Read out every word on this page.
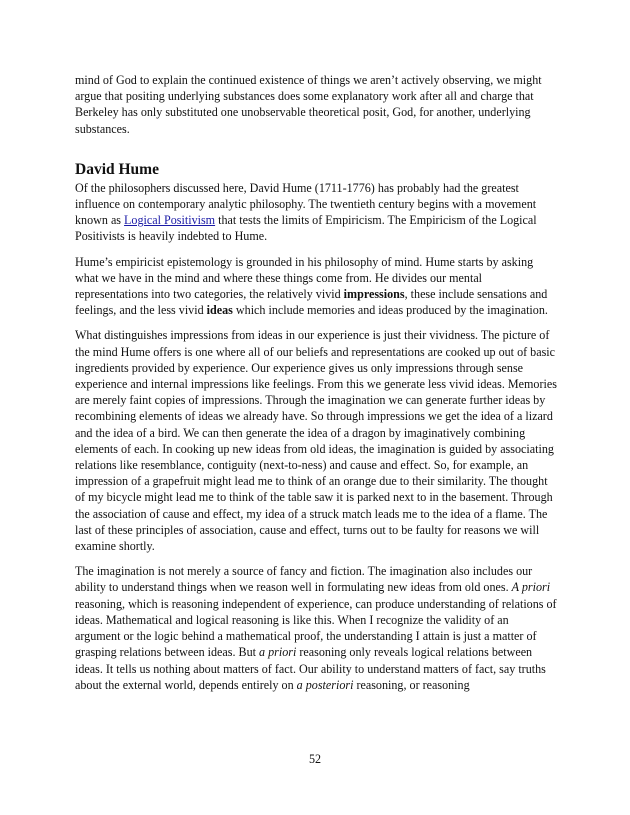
mind of God to explain the continued existence of things we aren’t actively observing, we might argue that positing underlying substances does some explanatory work after all and charge that Berkeley has only substituted one unobservable theoretical posit, God, for another, underlying substances.

David Hume

Of the philosophers discussed here, David Hume (1711-1776) has probably had the greatest influence on contemporary analytic philosophy. The twentieth century begins with a movement known as Logical Positivism that tests the limits of Empiricism. The Empiricism of the Logical Positivists is heavily indebted to Hume.

Hume’s empiricist epistemology is grounded in his philosophy of mind. Hume starts by asking what we have in the mind and where these things come from. He divides our mental representations into two categories, the relatively vivid impressions, these include sensations and feelings, and the less vivid ideas which include memories and ideas produced by the imagination.

What distinguishes impressions from ideas in our experience is just their vividness. The picture of the mind Hume offers is one where all of our beliefs and representations are cooked up out of basic ingredients provided by experience. Our experience gives us only impressions through sense experience and internal impressions like feelings. From this we generate less vivid ideas. Memories are merely faint copies of impressions. Through the imagination we can generate further ideas by recombining elements of ideas we already have. So through impressions we get the idea of a lizard and the idea of a bird. We can then generate the idea of a dragon by imaginatively combining elements of each. In cooking up new ideas from old ideas, the imagination is guided by associating relations like resemblance, contiguity (next-to-ness) and cause and effect. So, for example, an impression of a grapefruit might lead me to think of an orange due to their similarity. The thought of my bicycle might lead me to think of the table saw it is parked next to in the basement. Through the association of cause and effect, my idea of a struck match leads me to the idea of a flame. The last of these principles of association, cause and effect, turns out to be faulty for reasons we will examine shortly.

The imagination is not merely a source of fancy and fiction. The imagination also includes our ability to understand things when we reason well in formulating new ideas from old ones. A priori reasoning, which is reasoning independent of experience, can produce understanding of relations of ideas. Mathematical and logical reasoning is like this. When I recognize the validity of an argument or the logic behind a mathematical proof, the understanding I attain is just a matter of grasping relations between ideas. But a priori reasoning only reveals logical relations between ideas. It tells us nothing about matters of fact. Our ability to understand matters of fact, say truths about the external world, depends entirely on a posteriori reasoning, or reasoning

52
